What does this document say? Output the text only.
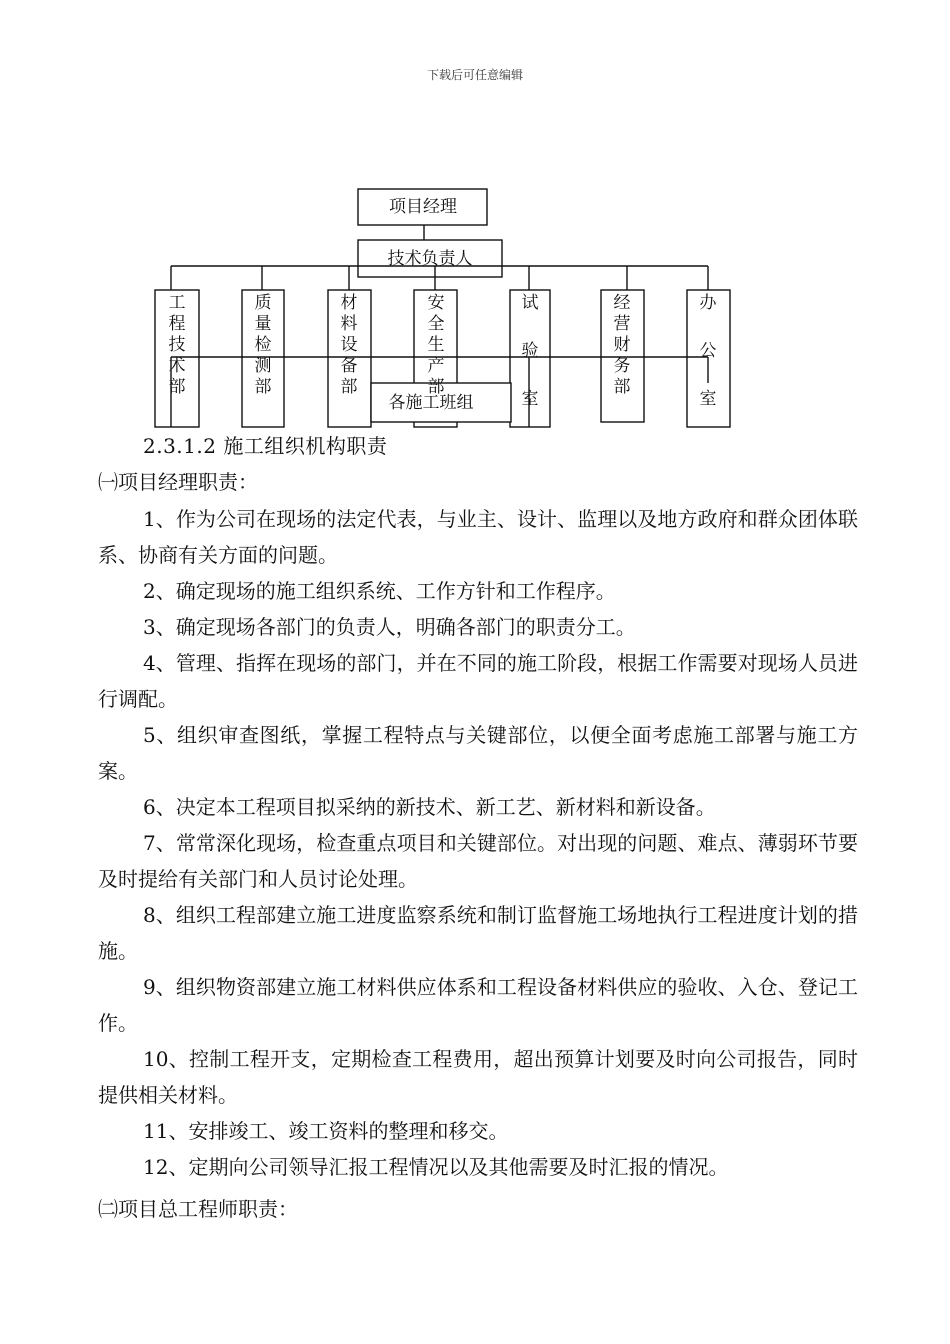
下载后可任意编辑
项目经理
技术负责人
工程技术部
质量检测部
材料设备部
安全生产部
试验室
经营财务部
办公室
各施工班组
2.3.1.2 施工组织机构职责
㈠项目经理职责：
1、作为公司在现场的法定代表，与业主、设计、监理以及地方政府和群众团体联系、协商有关方面的问题。
2、确定现场的施工组织系统、工作方针和工作程序。
3、确定现场各部门的负责人，明确各部门的职责分工。
4、管理、指挥在现场的部门，并在不同的施工阶段，根据工作需要对现场人员进行调配。
5、组织审查图纸，掌握工程特点与关键部位，以便全面考虑施工部署与施工方案。
6、决定本工程项目拟采纳的新技术、新工艺、新材料和新设备。
7、常常深化现场，检查重点项目和关键部位。对出现的问题、难点、薄弱环节要及时提给有关部门和人员讨论处理。
8、组织工程部建立施工进度监察系统和制订监督施工场地执行工程进度计划的措施。
9、组织物资部建立施工材料供应体系和工程设备材料供应的验收、入仓、登记工作。
10、控制工程开支，定期检查工程费用，超出预算计划要及时向公司报告，同时提供相关材料。
11、安排竣工、竣工资料的整理和移交。
12、定期向公司领导汇报工程情况以及其他需要及时汇报的情况。
㈡项目总工程师职责：
